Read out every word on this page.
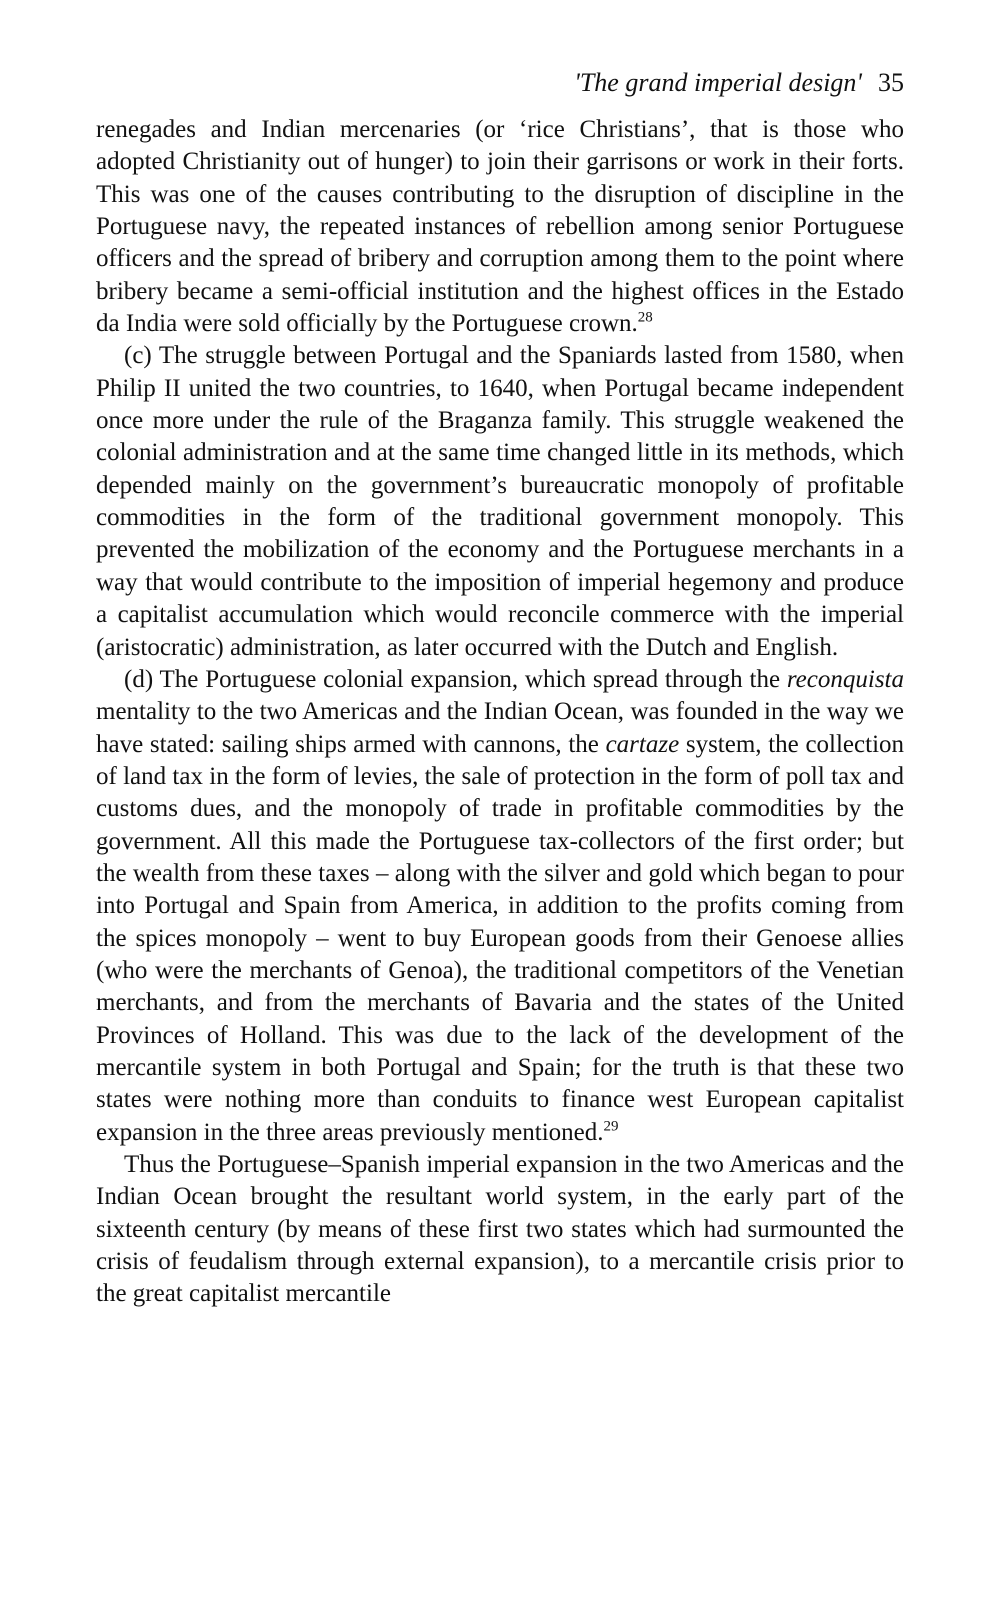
'The grand imperial design' 35

renegades and Indian mercenaries (or ‘rice Christians’, that is those who adopted Christianity out of hunger) to join their garrisons or work in their forts. This was one of the causes contributing to the disruption of discipline in the Portuguese navy, the repeated instances of rebellion among senior Portuguese officers and the spread of bribery and corruption among them to the point where bribery became a semi-official institution and the highest offices in the Estado da India were sold officially by the Portuguese crown.$^{28}$

(c) The struggle between Portugal and the Spaniards lasted from 1580, when Philip II united the two countries, to 1640, when Portugal became independent once more under the rule of the Braganza family. This struggle weakened the colonial administration and at the same time changed little in its methods, which depended mainly on the government’s bureaucratic monopoly of profitable commodities in the form of the traditional government monopoly. This prevented the mobilization of the economy and the Portuguese merchants in a way that would contribute to the imposition of imperial hegemony and produce a capitalist accumulation which would reconcile commerce with the imperial (aristocratic) administration, as later occurred with the Dutch and English.

(d) The Portuguese colonial expansion, which spread through the reconquista mentality to the two Americas and the Indian Ocean, was founded in the way we have stated: sailing ships armed with cannons, the cartaze system, the collection of land tax in the form of levies, the sale of protection in the form of poll tax and customs dues, and the monopoly of trade in profitable commodities by the government. All this made the Portuguese tax-collectors of the first order; but the wealth from these taxes – along with the silver and gold which began to pour into Portugal and Spain from America, in addition to the profits coming from the spices monopoly – went to buy European goods from their Genoese allies (who were the merchants of Genoa), the traditional competitors of the Venetian merchants, and from the merchants of Bavaria and the states of the United Provinces of Holland. This was due to the lack of the development of the mercantile system in both Portugal and Spain; for the truth is that these two states were nothing more than conduits to finance west European capitalist expansion in the three areas previously mentioned.$^{29}$

Thus the Portuguese–Spanish imperial expansion in the two Americas and the Indian Ocean brought the resultant world system, in the early part of the sixteenth century (by means of these first two states which had surmounted the crisis of feudalism through external expansion), to a mercantile crisis prior to the great capitalist mercantile
